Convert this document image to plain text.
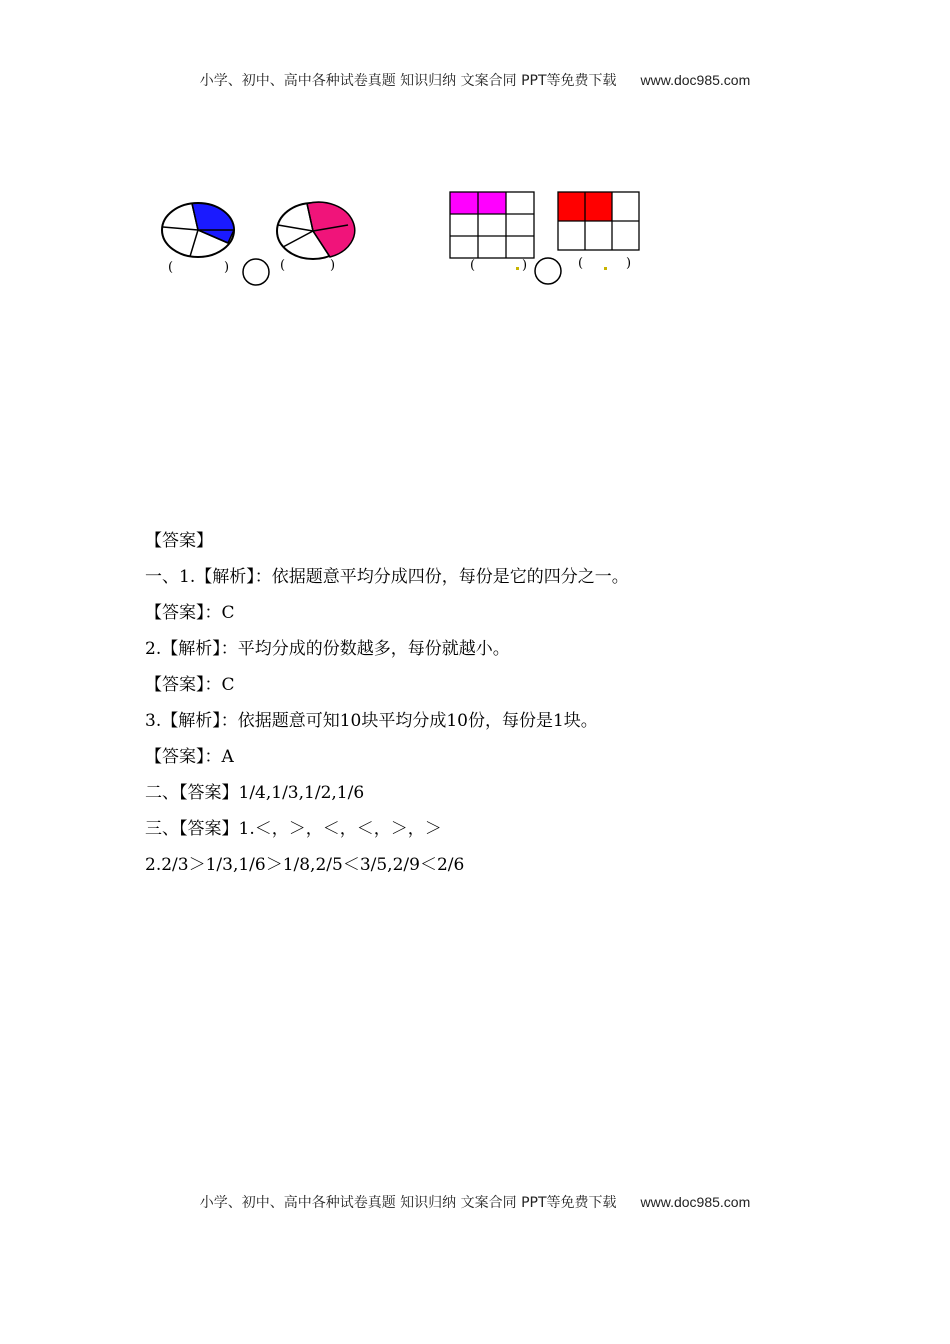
小学、初中、高中各种试卷真题 知识归纳 文案合同 PPT等免费下载 www.doc985.com
(	)	(	)	(	)	(	)
【答案】
一、1.【解析】：依据题意平均分成四份，每份是它的四分之一。
【答案】：C
2.【解析】：平均分成的份数越多，每份就越小。
【答案】：C
3.【解析】：依据题意可知10块平均分成10份，每份是1块。
【答案】：A
二、【答案】1/4,1/3,1/2,1/6
三、【答案】1.＜，＞，＜，＜，＞，＞
2.2/3＞1/3,1/6＞1/8,2/5＜3/5,2/9＜2/6
小学、初中、高中各种试卷真题 知识归纳 文案合同 PPT等免费下载 www.doc985.com
